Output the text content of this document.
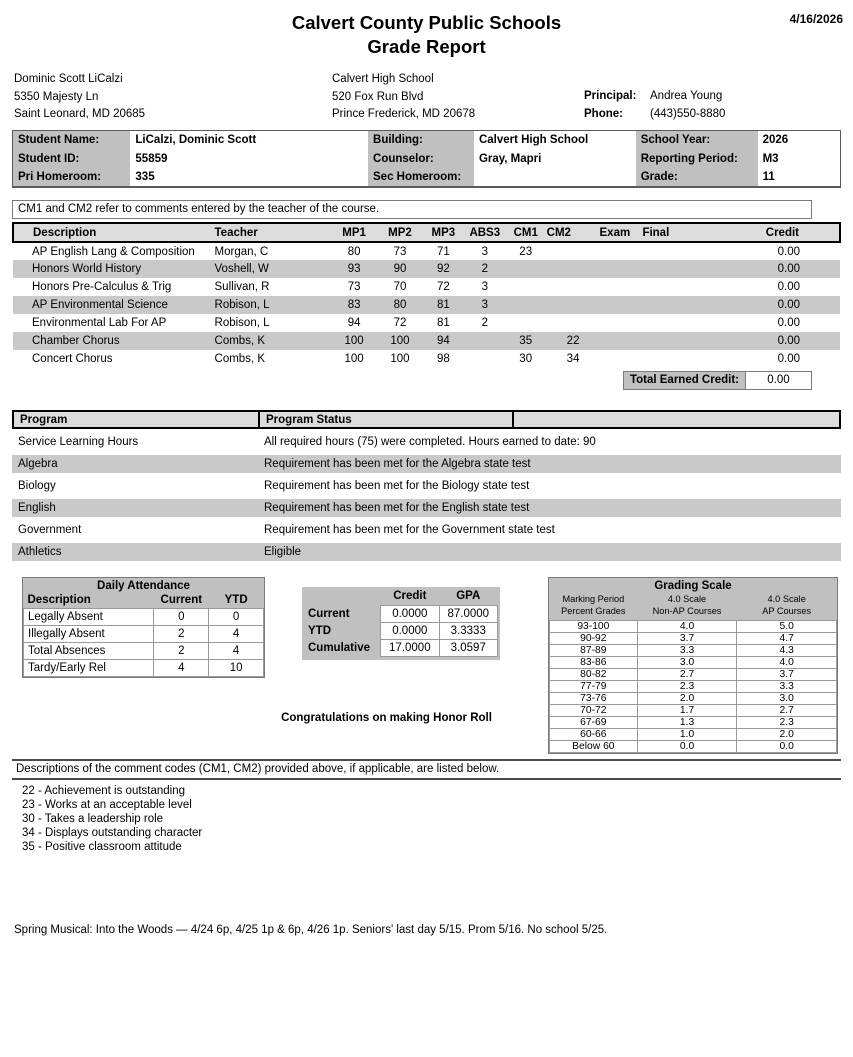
4/16/2026
Calvert County Public Schools
Grade Report
Dominic Scott LiCalzi
5350 Majesty Ln
Saint Leonard, MD 20685
Calvert High School
520 Fox Run Blvd
Prince Frederick, MD 20678
Principal:	Andrea Young
Phone:	(443)550-8880
Student Name:	LiCalzi, Dominic Scott	Building:	Calvert High School	School Year:	2026
Student ID:	55859	Counselor:	Gray, Mapri	Reporting Period:	M3
Pri Homeroom:	335	Sec Homeroom:		Grade:	11
CM1 and CM2 refer to comments entered by the teacher of the course.
Description	Teacher	MP1	MP2	MP3	ABS3	CM1	CM2	Exam	Final	Credit
AP English Lang & Composition	Morgan, C	80	73	71	3	23				0.00
Honors World History	Voshell, W	93	90	92	2					0.00
Honors Pre-Calculus & Trig	Sullivan, R	73	70	72	3					0.00
AP Environmental Science	Robison, L	83	80	81	3					0.00
Environmental Lab For AP	Robison, L	94	72	81	2					0.00
Chamber Chorus	Combs, K	100	100	94		35	22			0.00
Concert Chorus	Combs, K	100	100	98		30	34			0.00
Total Earned Credit:	0.00
Program	Program Status	
Service Learning Hours	All required hours (75) were completed. Hours earned to date: 90	
Algebra	Requirement has been met for the Algebra state test	
Biology	Requirement has been met for the Biology state test	
English	Requirement has been met for the English state test	
Government	Requirement has been met for the Government state test	
Athletics	Eligible	
Daily Attendance
Description	Current	YTD
Legally Absent	0	0
Illegally Absent	2	4
Total Absences	2	4
Tardy/Early Rel	4	10
	Credit	GPA
Current	0.0000	87.0000
YTD	0.0000	3.3333
Cumulative	17.0000	3.0597
Congratulations on making Honor Roll
Grading Scale
Marking Period
Percent Grades

4.0 Scale
Non-AP Courses

4.0 Scale
AP Courses

93-100	4.0	5.0
90-92	3.7	4.7
87-89	3.3	4.3
83-86	3.0	4.0
80-82	2.7	3.7
77-79	2.3	3.3
73-76	2.0	3.0
70-72	1.7	2.7
67-69	1.3	2.3
60-66	1.0	2.0
Below 60	0.0	0.0
Descriptions of the comment codes (CM1, CM2) provided above, if applicable, are listed below.
22 - Achievement is outstanding
23 - Works at an acceptable level
30 - Takes a leadership role
34 - Displays outstanding character
35 - Positive classroom attitude
Spring Musical: Into the Woods — 4/24 6p, 4/25 1p & 6p, 4/26 1p. Seniors' last day 5/15. Prom 5/16. No school 5/25.
